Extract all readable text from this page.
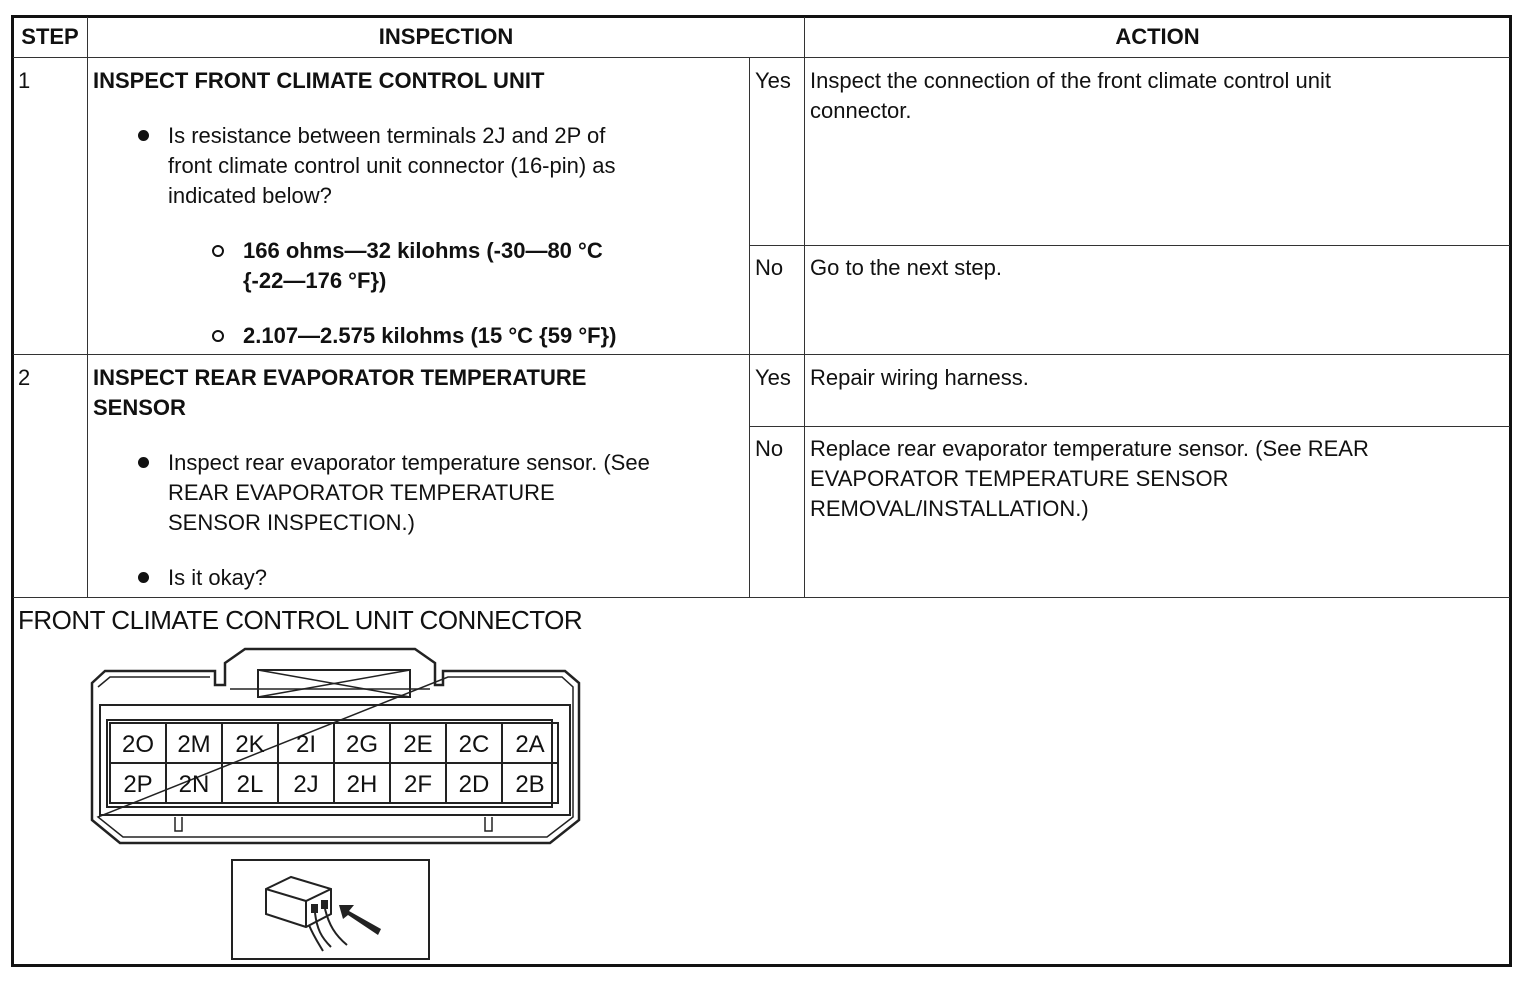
STEP	INSPECTION	ACTION
1	INSPECT FRONT CLIMATE CONTROL UNIT
Is resistance between terminals 2J and 2P of
front climate control unit connector (16-pin) as
indicated below?
166 ohms—32 kilohms (-30—80 °C
{-22—176 °F})
2.107—2.575 kilohms (15 °C {59 °F})
Yes Inspect the connection of the front climate control unit
connector.
No Go to the next step.
2	INSPECT REAR EVAPORATOR TEMPERATURE
SENSOR
Inspect rear evaporator temperature sensor. (See
REAR EVAPORATOR TEMPERATURE
SENSOR INSPECTION.)
Is it okay?
Yes Repair wiring harness.
No Replace rear evaporator temperature sensor. (See REAR
EVAPORATOR TEMPERATURE SENSOR
REMOVAL/INSTALLATION.)
FRONT CLIMATE CONTROL UNIT CONNECTOR
2O 2M 2K 2I 2G 2E 2C 2A
2P 2N 2L 2J 2H 2F 2D 2B
